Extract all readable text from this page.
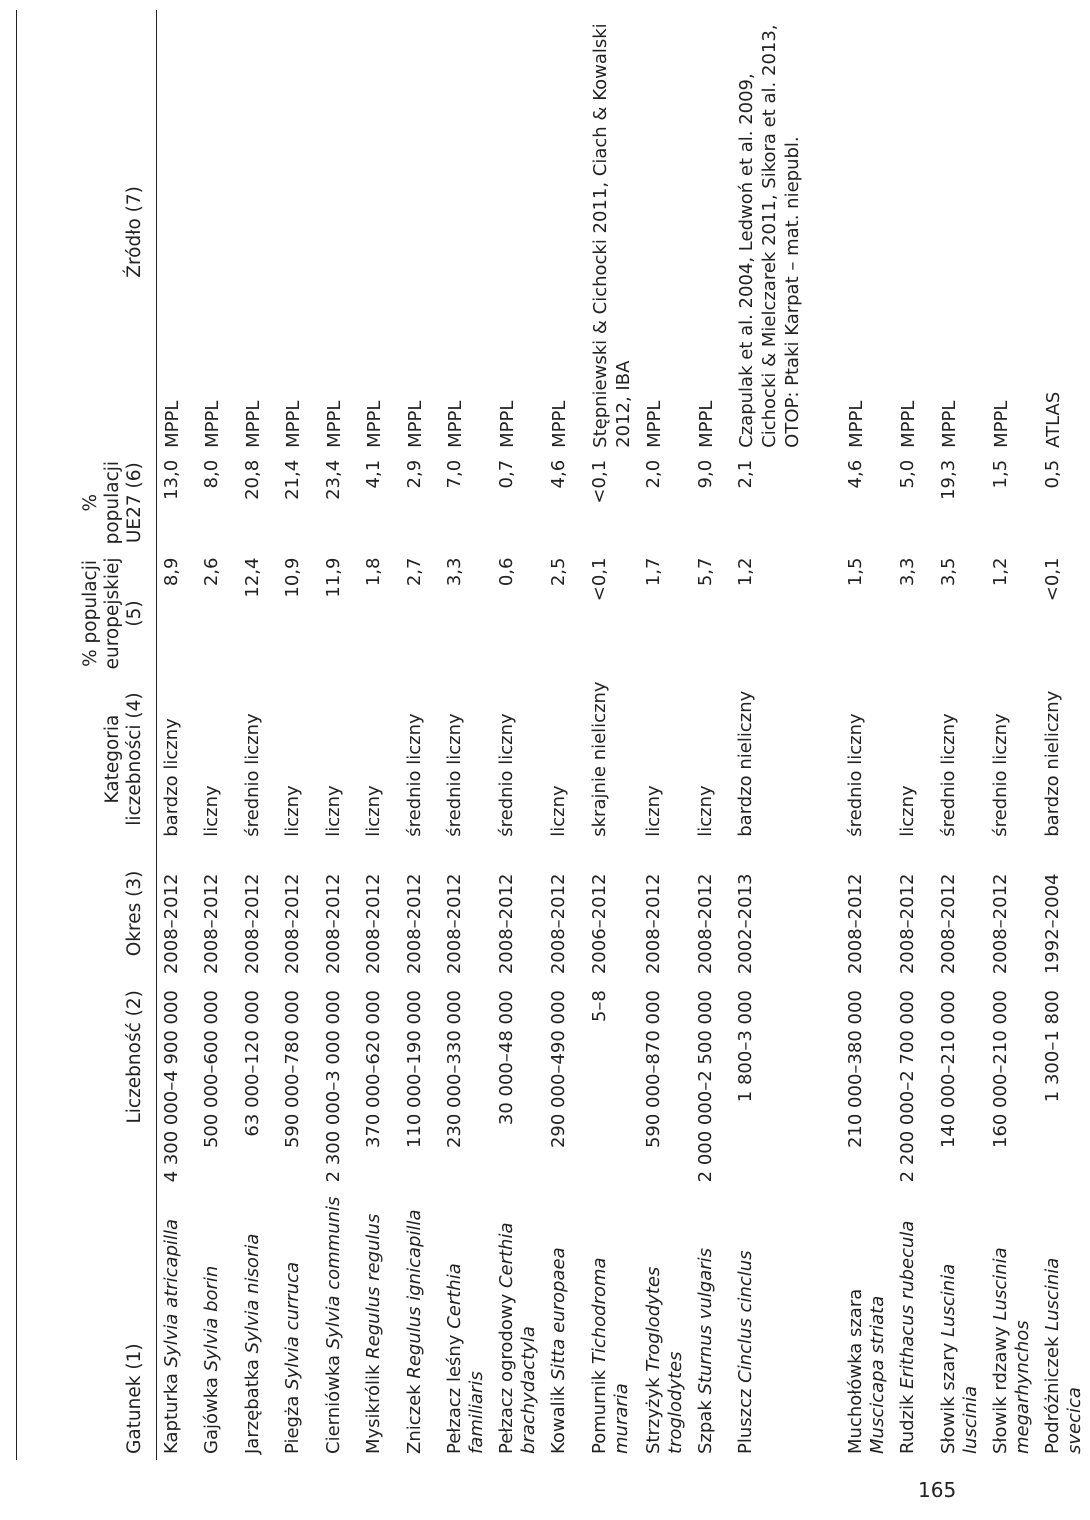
165
Gatunek (1)	Liczebność (2)	Okres (3)	Kategoria liczebności (4)	% populacji europejskiej (5)	% populacji UE27 (6)	Źródło (7)
Kapturka Sylvia atricapilla	4 300 000–4 900 000	2008–2012	bardzo liczny	8,9	13,0	MPPL
Gajówka Sylvia borin	500 000–600 000	2008–2012	liczny	2,6	8,0	MPPL
Jarzębatka Sylvia nisoria	63 000–120 000	2008–2012	średnio liczny	12,4	20,8	MPPL
Piegża Sylvia curruca	590 000–780 000	2008–2012	liczny	10,9	21,4	MPPL
Cierniówka Sylvia communis	2 300 000–3 000 000	2008–2012	liczny	11,9	23,4	MPPL
Mysikrólik Regulus regulus	370 000–620 000	2008–2012	liczny	1,8	4,1	MPPL
Zniczek Regulus ignicapilla	110 000–190 000	2008–2012	średnio liczny	2,7	2,9	MPPL
Pełzacz leśny Certhia familiaris	230 000–330 000	2008–2012	średnio liczny	3,3	7,0	MPPL
Pełzacz ogrodowy Certhia brachydactyla	30 000–48 000	2008–2012	średnio liczny	0,6	0,7	MPPL
Kowalik Sitta europaea	290 000–490 000	2008–2012	liczny	2,5	4,6	MPPL
Pomurnik Tichodroma muraria	5–8	2006–2012	skrajnie nieliczny	<0,1	<0,1	Stępniewski & Cichocki 2011, Ciach & Kowalski 2012, IBA
Strzyżyk Troglodytes troglodytes	590 000–870 000	2008–2012	liczny	1,7	2,0	MPPL
Szpak Sturnus vulgaris	2 000 000–2 500 000	2008–2012	liczny	5,7	9,0	MPPL
Pluszcz Cinclus cinclus	1 800–3 000	2002–2013	bardzo nieliczny	1,2	2,1	Czapulak et al. 2004, Ledwoń et al. 2009, Cichocki & Mielczarek 2011, Sikora et al. 2013, OTOP: Ptaki Karpat – mat. niepubl.
Muchołówka szara Muscicapa striata	210 000–380 000	2008–2012	średnio liczny	1,5	4,6	MPPL
Rudzik Erithacus rubecula	2 200 000–2 700 000	2008–2012	liczny	3,3	5,0	MPPL
Słowik szary Luscinia luscinia	140 000–210 000	2008–2012	średnio liczny	3,5	19,3	MPPL
Słowik rdzawy Luscinia megarhynchos	160 000–210 000	2008–2012	średnio liczny	1,2	1,5	MPPL
Podróżniczek Luscinia svecica	1 300–1 800	1992–2004	bardzo nieliczny	<0,1	0,5	ATLAS
